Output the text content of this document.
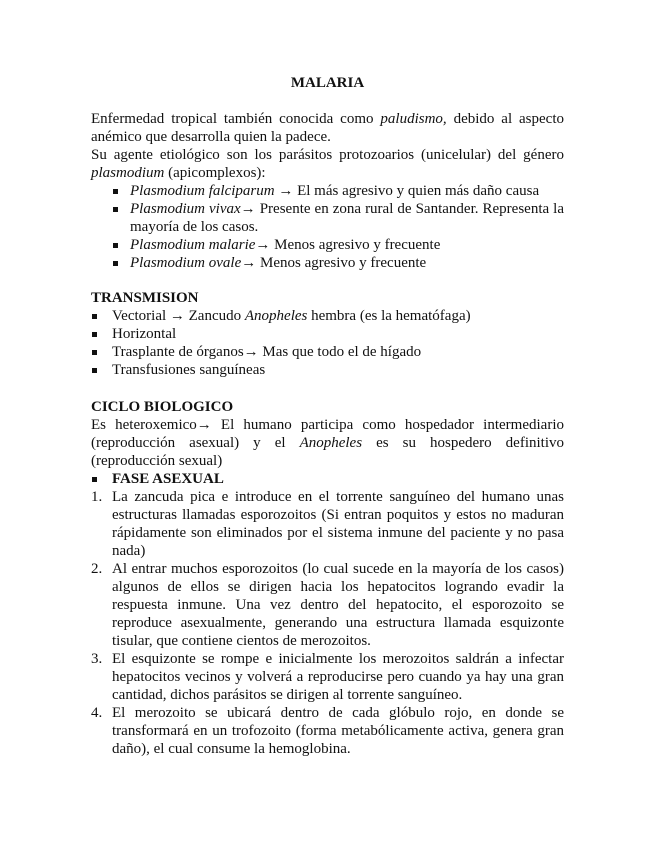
MALARIA

Enfermedad tropical también conocida como paludismo, debido al aspecto anémico que desarrolla quien la padece.

Su agente etiológico son los parásitos protozoarios (unicelular) del género plasmodium (apicomplexos):

Plasmodium falciparum → El más agresivo y quien más daño causa
Plasmodium vivax→ Presente en zona rural de Santander. Representa la mayoría de los casos.
Plasmodium malarie→ Menos agresivo y frecuente
Plasmodium ovale→ Menos agresivo y frecuente
TRANSMISION
Vectorial → Zancudo Anopheles hembra (es la hematófaga)
Horizontal
Trasplante de órganos→ Mas que todo el de hígado
Transfusiones sanguíneas
CICLO BIOLOGICO

Es heteroxemico→ El humano participa como hospedador intermediario (reproducción asexual) y el Anopheles es su hospedero definitivo (reproducción sexual)

FASE ASEXUAL
1. La zancuda pica e introduce en el torrente sanguíneo del humano unas estructuras llamadas esporozoitos (Si entran poquitos y estos no maduran rápidamente son eliminados por el sistema inmune del paciente y no pasa nada)
2. Al entrar muchos esporozoitos (lo cual sucede en la mayoría de los casos) algunos de ellos se dirigen hacia los hepatocitos logrando evadir la respuesta inmune. Una vez dentro del hepatocito, el esporozoito se reproduce asexualmente, generando una estructura llamada esquizonte tisular, que contiene cientos de merozoitos.
3. El esquizonte se rompe e inicialmente los merozoitos saldrán a infectar hepatocitos vecinos y volverá a reproducirse pero cuando ya hay una gran cantidad, dichos parásitos se dirigen al torrente sanguíneo.
4. El merozoito se ubicará dentro de cada glóbulo rojo, en donde se transformará en un trofozoito (forma metabólicamente activa, genera gran daño), el cual consume la hemoglobina.
